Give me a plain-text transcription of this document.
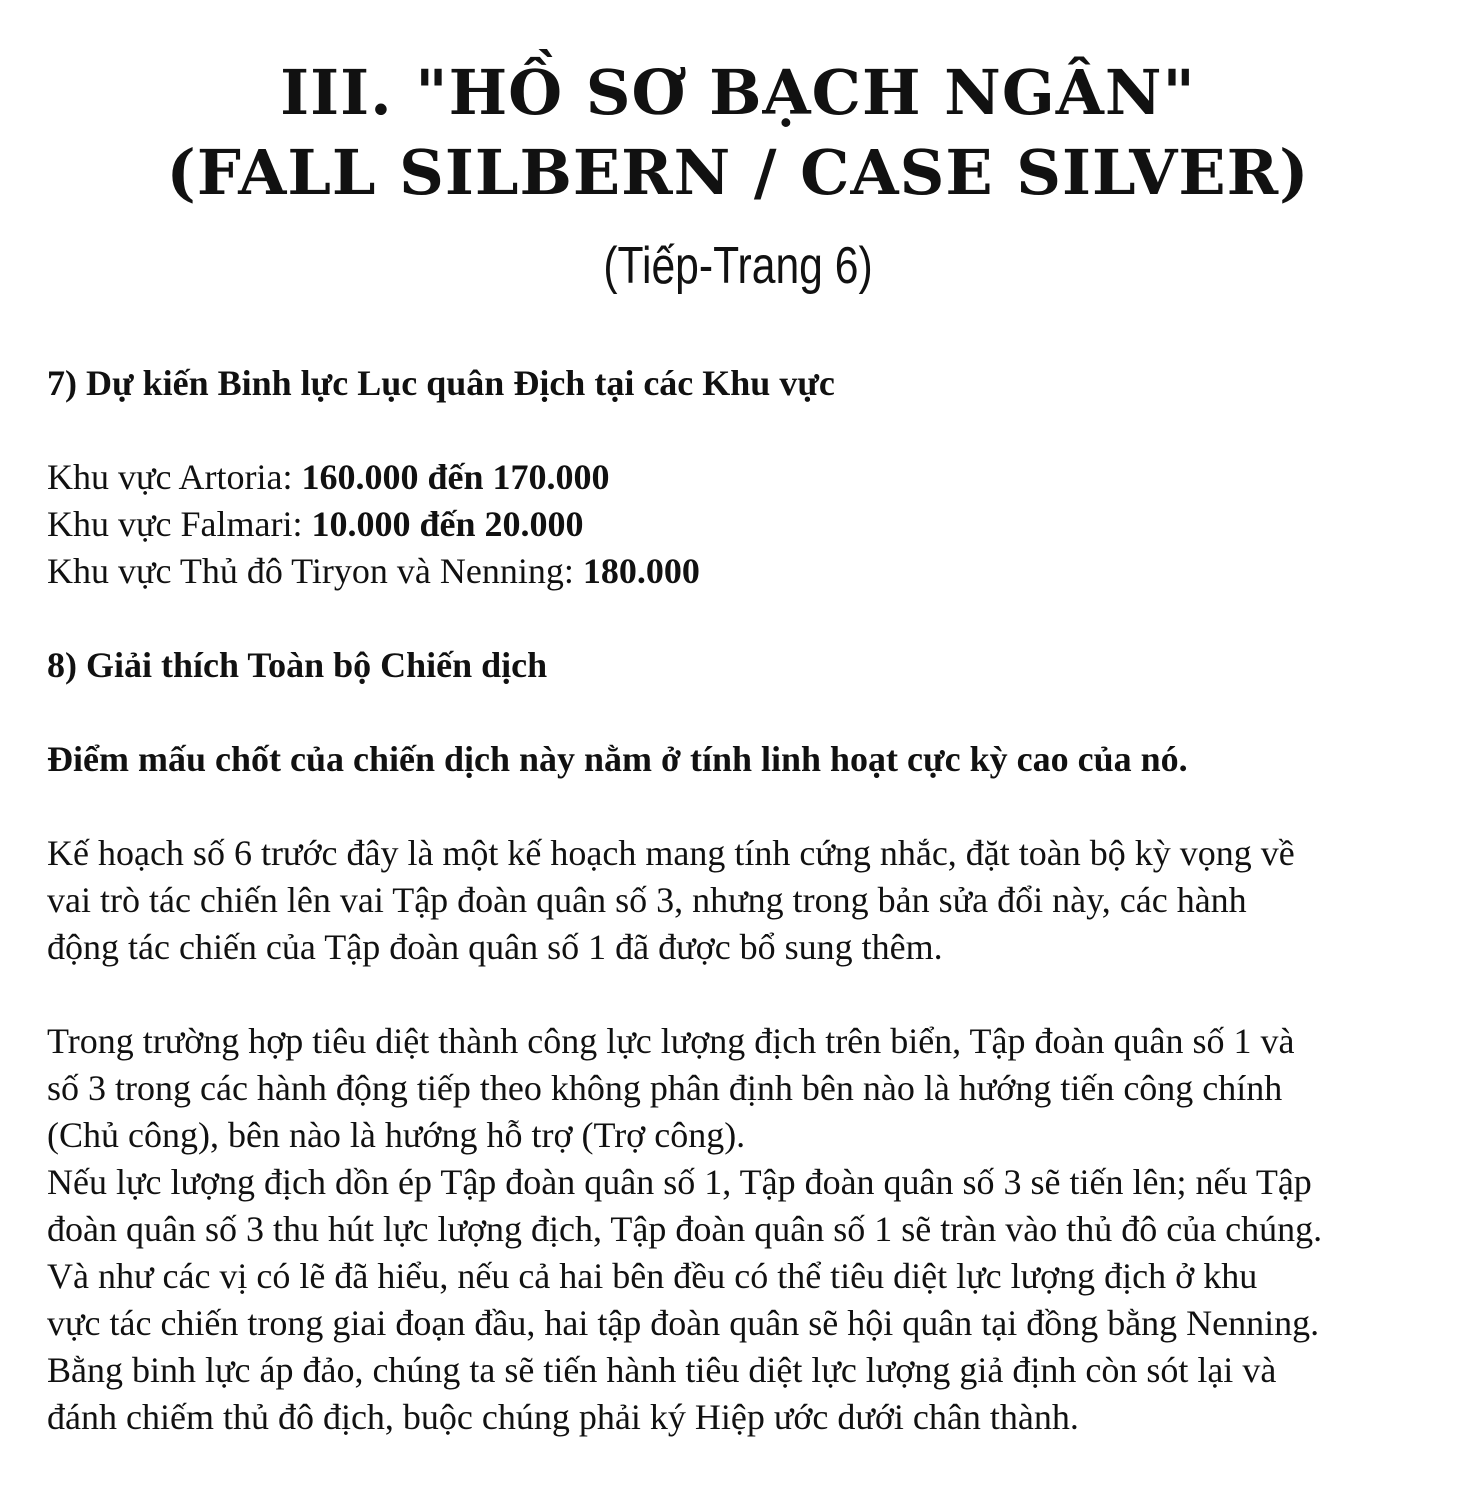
III. "HỒ SƠ BẠCH NGÂN"
(FALL SILBERN / CASE SILVER)
(Tiếp-Trang 6)

7) Dự kiến Binh lực Lục quân Địch tại các Khu vực

Khu vực Artoria: 160.000 đến 170.000

Khu vực Falmari: 10.000 đến 20.000

Khu vực Thủ đô Tiryon và Nenning: 180.000

8) Giải thích Toàn bộ Chiến dịch

Điểm mấu chốt của chiến dịch này nằm ở tính linh hoạt cực kỳ cao của nó.

Kế hoạch số 6 trước đây là một kế hoạch mang tính cứng nhắc, đặt toàn bộ kỳ vọng về

vai trò tác chiến lên vai Tập đoàn quân số 3, nhưng trong bản sửa đổi này, các hành

động tác chiến của Tập đoàn quân số 1 đã được bổ sung thêm.

Trong trường hợp tiêu diệt thành công lực lượng địch trên biển, Tập đoàn quân số 1 và

số 3 trong các hành động tiếp theo không phân định bên nào là hướng tiến công chính

(Chủ công), bên nào là hướng hỗ trợ (Trợ công).

Nếu lực lượng địch dồn ép Tập đoàn quân số 1, Tập đoàn quân số 3 sẽ tiến lên; nếu Tập

đoàn quân số 3 thu hút lực lượng địch, Tập đoàn quân số 1 sẽ tràn vào thủ đô của chúng.

Và như các vị có lẽ đã hiểu, nếu cả hai bên đều có thể tiêu diệt lực lượng địch ở khu

vực tác chiến trong giai đoạn đầu, hai tập đoàn quân sẽ hội quân tại đồng bằng Nenning.

Bằng binh lực áp đảo, chúng ta sẽ tiến hành tiêu diệt lực lượng giả định còn sót lại và

đánh chiếm thủ đô địch, buộc chúng phải ký Hiệp ước dưới chân thành.
